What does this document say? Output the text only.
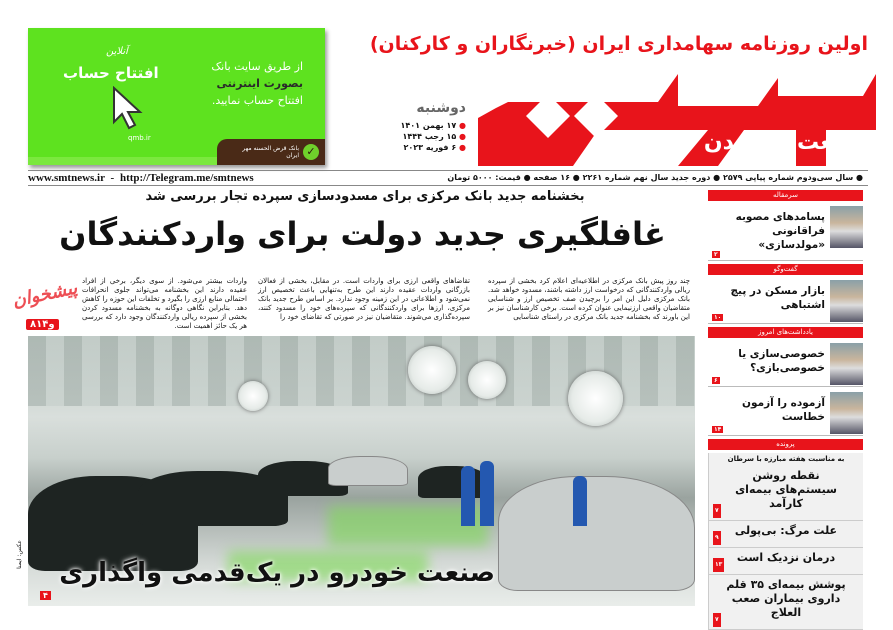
آنلاین
افتتاح حساب
qmb.ir
از طریق سایت بانک
بصورت اینترنتی
افتتاح حساب نمایید.
✓
بانک قرض الحسنه مهر ایران
اولین روزنامه سهامداری ایران (خبرنگاران و کارکنان)
صنعت معدن تجارت
دوشنبه
● ۱۷ بهمن ۱۴۰۱
● ۱۵ رجب ۱۴۴۴
● ۶ فوریه ۲۰۲۳
● سال سی‌ودوم شماره پیاپی ۲۵۷۹ ● دوره جدید سال نهم شماره ۲۲۶۱ ● ۱۶ صفحه ● قیمت: ۵۰۰۰ تومان
www.smtnews.ir - http://Telegram.me/smtnews
بخشنامه جدید بانک مرکزی برای مسدودسازی سپرده تجار بررسی شد
غافلگیری جدید دولت برای واردکنندگان
چند روز پیش بانک مرکزی در اطلاعیه‌ای اعلام کرد بخشی از سپرده ریالی واردکنندگانی که درخواست ارز داشته باشند، مسدود خواهد شد. بانک مرکزی دلیل این امر را برچیدن صف تخصیص ارز و شناسایی متقاضیان واقعی ارزنیمایی عنوان کرده است. برخی کارشناسان نیز بر این باورند که بخشنامه جدید بانک مرکزی در راستای شناسایی
تقاضاهای واقعی ارزی برای واردات است. در مقابل، بخشی از فعالان بازرگانی واردات عقیده دارند این طرح به‌تنهایی باعث تخصیص ارز نمی‌شود و اطلاعاتی در این زمینه وجود ندارد. بر اساس طرح جدید بانک مرکزی، ارزها برای واردکنندگانی که سپرده‌های خود را مسدود کنند، سپرده‌گذاری می‌شوند. متقاضیان نیز در صورتی که تقاضای خود را
واردات بیشتر می‌شود. از سوی دیگر، برخی از افراد عقیده دارند این بخشنامه می‌تواند جلوی انحرافات احتمالی منابع ارزی را بگیرد و تخلفات این حوزه را کاهش دهد. بنابراین نگاهی دوگانه به بخشنامه مسدود کردن بخشی از سپرده ریالی واردکنندگان وجود دارد که بررسی هر یک حائز اهمیت است.
۸و۱۴
پیشخوان
صنعت خودرو در یک‌قدمی واگذاری
۴
عکس: ایمنا
سرمقاله
پسامدهای مصوبه فراقانونی «مولدسازی»
۲
گفت‌وگو
بازار مسکن در پیچ اشتباهی
۱۰
یادداشت‌های امروز
خصوصی‌سازی یا خصوصی‌بازی؟
۶
آزموده را آزمون خطاست
۱۴
پرونده
به مناسبت هفته مبارزه با سرطان
نقطه روشن سیستم‌های بیمه‌ای کارآمد
۷
علت مرگ: بی‌پولی
۹
درمان نزدیک است
۱۳
پوشش بیمه‌ای ۳۵ قلم داروی بیماران صعب العلاج
۷
